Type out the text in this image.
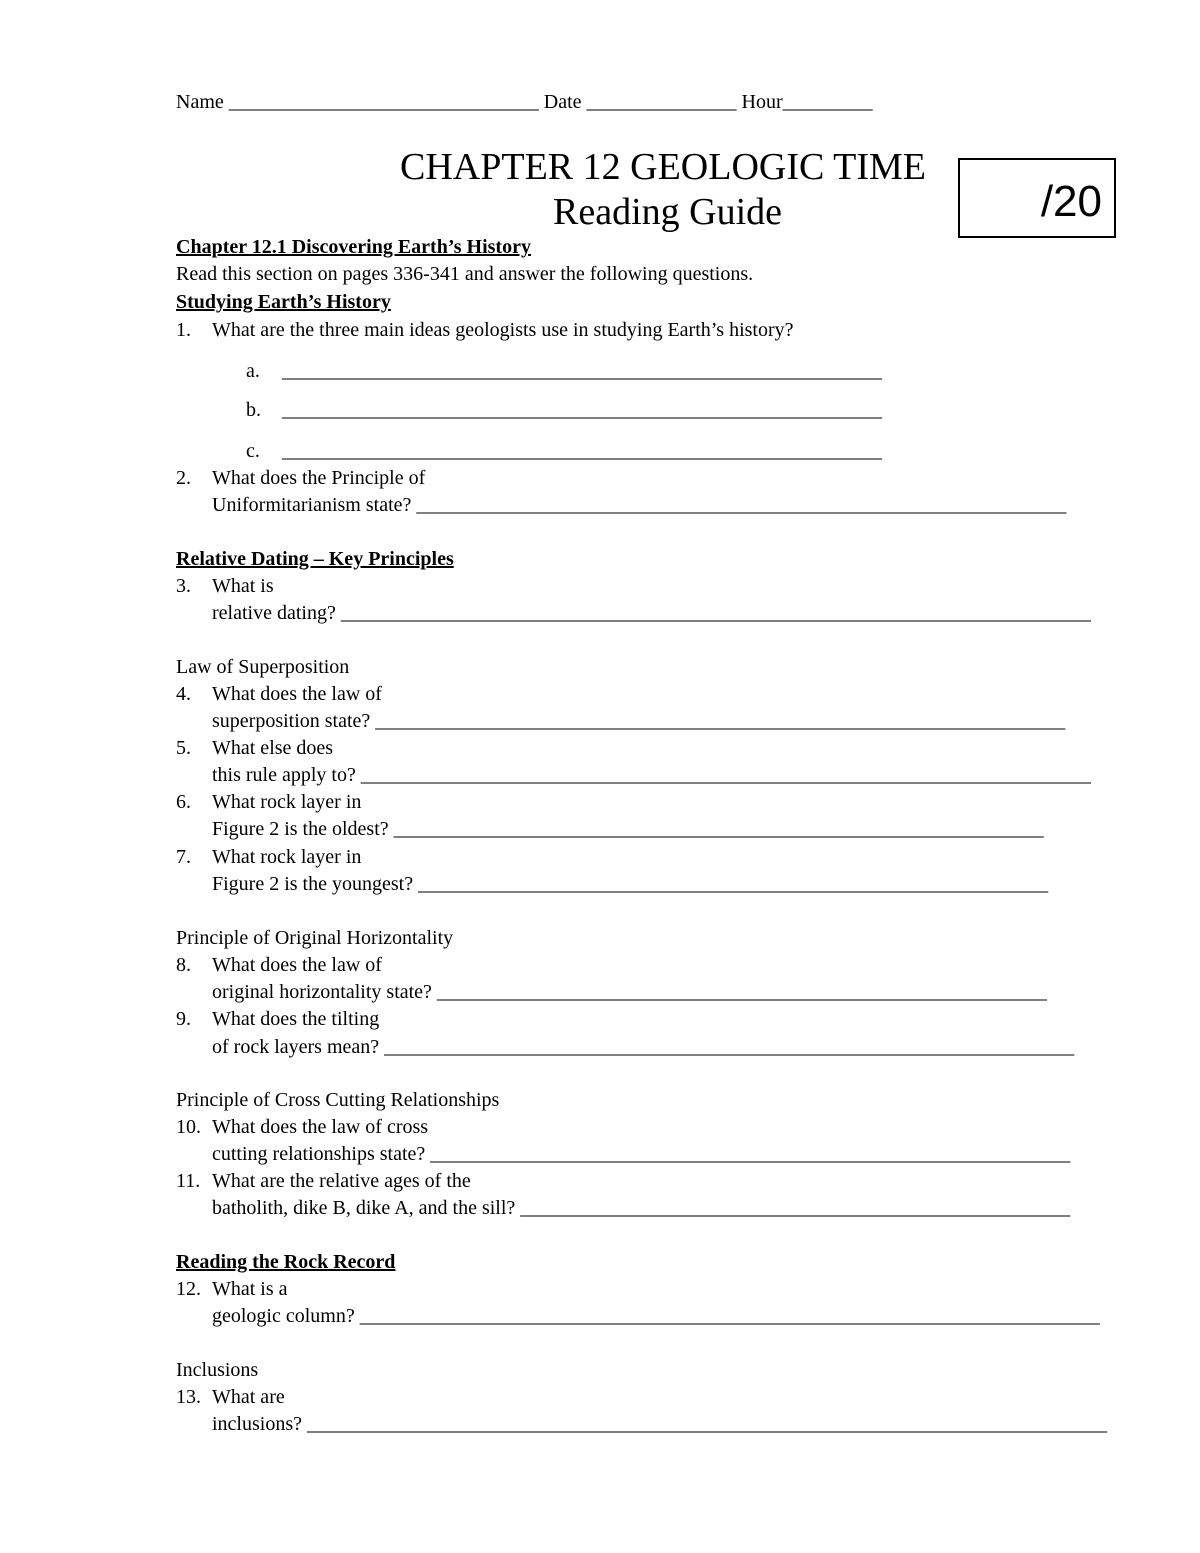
Name _______________________________ Date _______________ Hour_________
CHAPTER 12 GEOLOGIC TIME
Reading Guide	/20
Chapter 12.1 Discovering Earth’s History
Read this section on pages 336-341 and answer the following questions.
Studying Earth’s History
1. What are the three main ideas geologists use in studying Earth’s history?
a. ____________________________________________________________
b. ____________________________________________________________
c. ____________________________________________________________
2. What does the Principle of
Uniformitarianism state? _________________________________________________________________
Relative Dating – Key Principles
3. What is
relative dating? ___________________________________________________________________________
Law of Superposition
4. What does the law of
superposition state? _____________________________________________________________________
5. What else does
this rule apply to? _________________________________________________________________________
6. What rock layer in
Figure 2 is the oldest? _________________________________________________________________
7. What rock layer in
Figure 2 is the youngest? _______________________________________________________________
Principle of Original Horizontality
8. What does the law of
original horizontality state? _____________________________________________________________
9. What does the tilting
of rock layers mean? _____________________________________________________________________
Principle of Cross Cutting Relationships
10. What does the law of cross
cutting relationships state? ________________________________________________________________
11. What are the relative ages of the
batholith, dike B, dike A, and the sill? _______________________________________________________
Reading the Rock Record
12. What is a
geologic column? __________________________________________________________________________
Inclusions
13. What are
inclusions? ________________________________________________________________________________
